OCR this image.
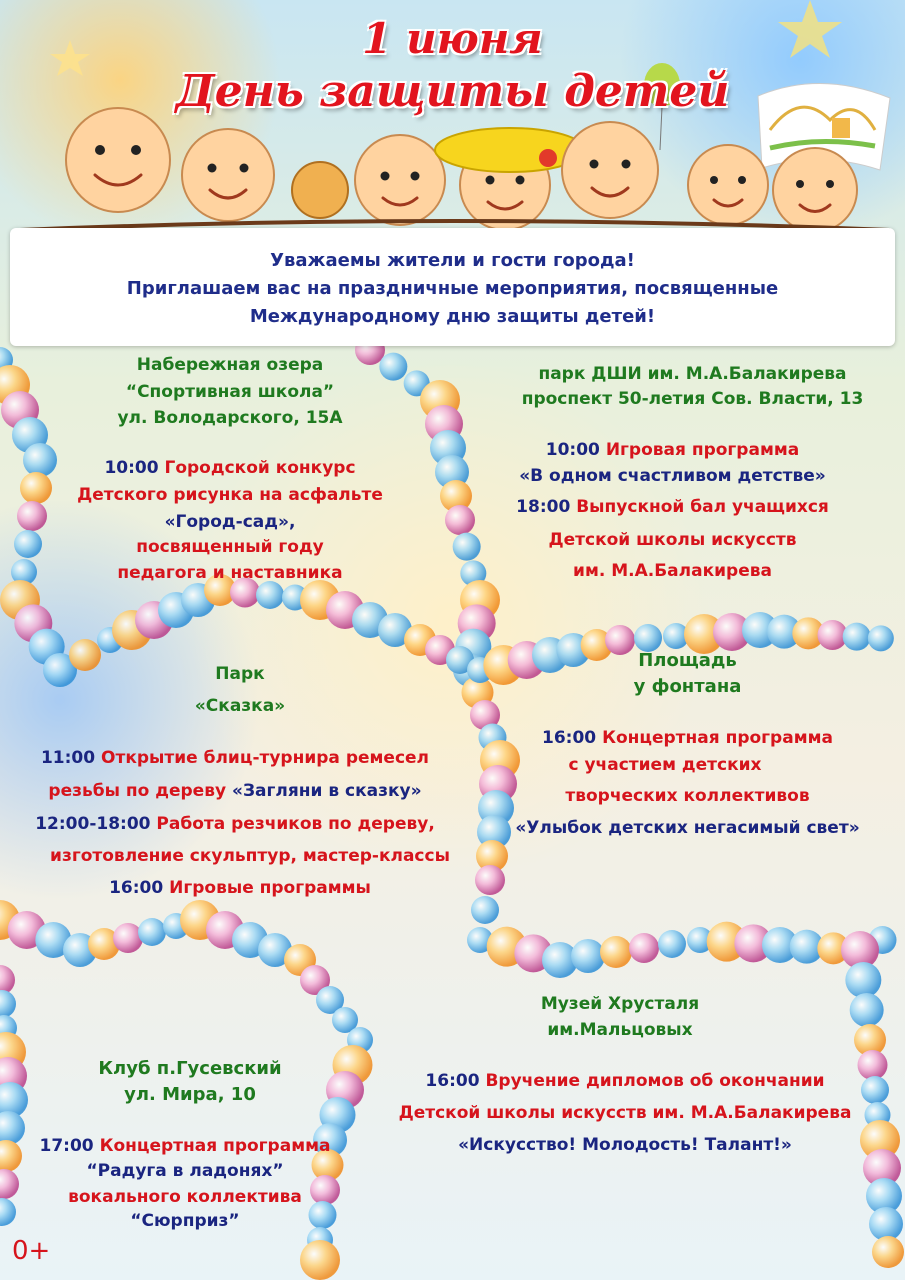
1 июня
День защиты детей
Уважаемы жители и гости города!
Приглашаем вас на праздничные мероприятия, посвященные
Международному дню защиты детей!
Набережная озера
“Спортивная школа”
ул. Володарского, 15А
10:00 Городской конкурс
Детского рисунка на асфальте
«Город-сад»,
посвященный году
педагога и наставника
парк ДШИ им. М.А.Балакирева
проспект 50-летия Сов. Власти, 13
10:00 Игровая программа
«В одном счастливом детстве»
18:00 Выпускной бал учащихся
Детской школы искусств
им. М.А.Балакирева
Парк
«Сказка»
11:00 Открытие блиц-турнира ремесел
резьбы по дереву «Загляни в сказку»
12:00-18:00 Работа резчиков по дереву,
изготовление скульптур, мастер-классы
16:00 Игровые программы
Площадь
у фонтана
16:00 Концертная программа
с участием детских
творческих коллективов
«Улыбок детских негасимый свет»
Музей Хрусталя
им.Мальцовых
16:00 Вручение дипломов об окончании
Детской школы искусств им. М.А.Балакирева
«Искусство! Молодость! Талант!»
Клуб п.Гусевский
ул. Мира, 10
17:00 Концертная программа
“Радуга в ладонях”
вокального коллектива
“Сюрприз”
0+
